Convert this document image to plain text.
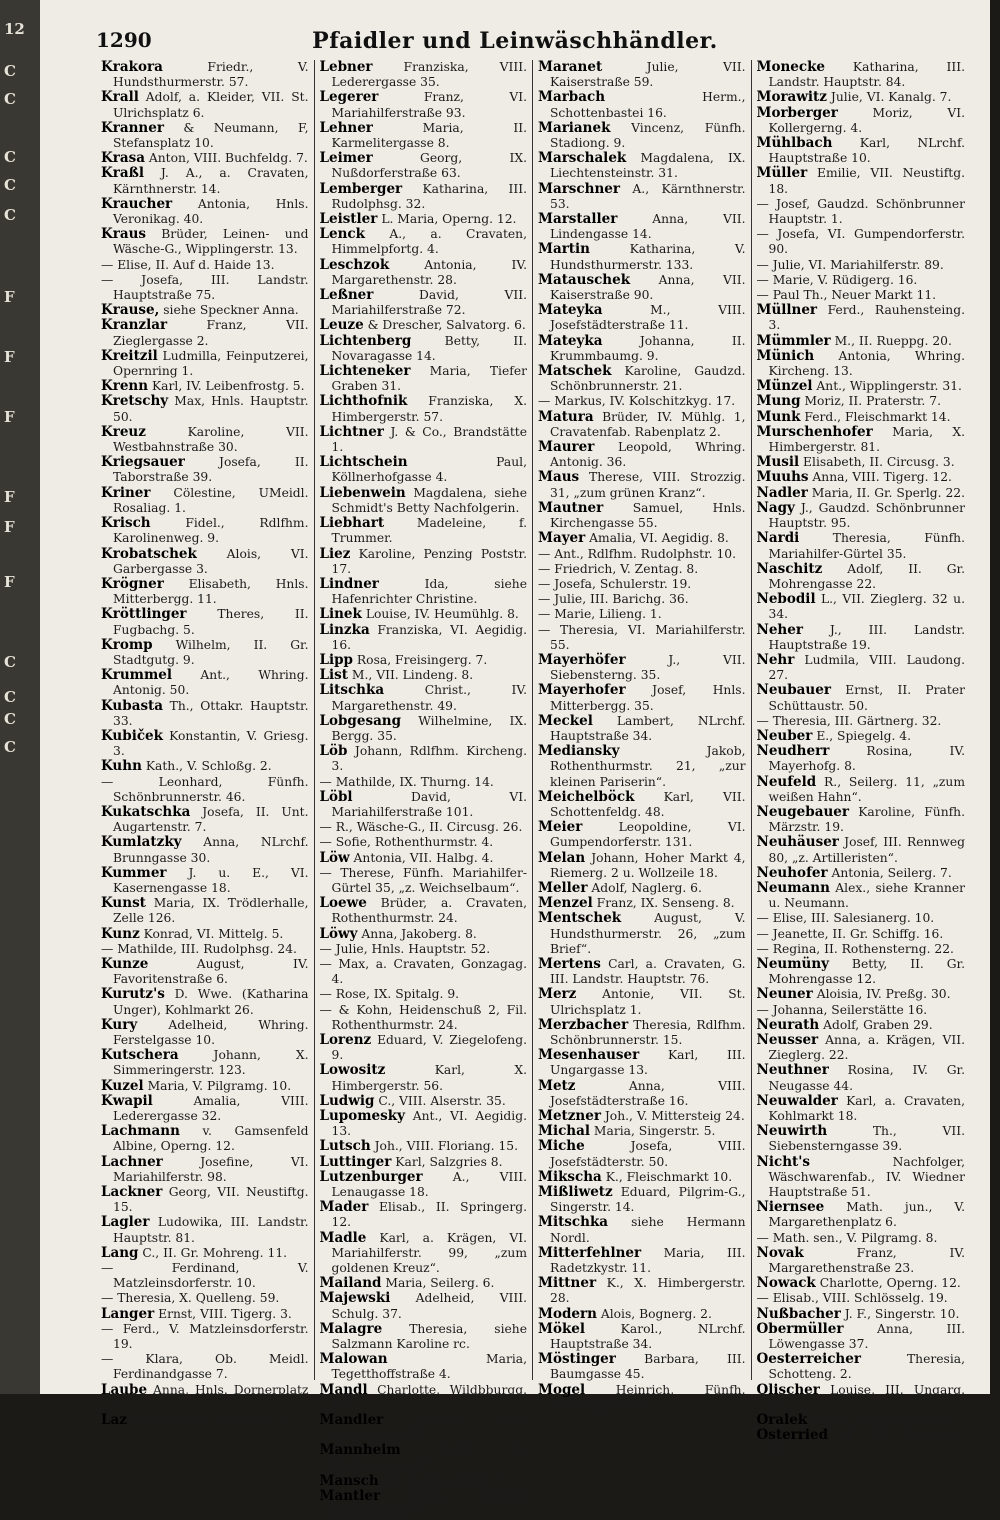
12
C
C
C
C
C
F
F
F
F
F
F
C
C
C
C
1290	Pfaidler und Leinwäschhändler.
Krakora	Friedr., V. Hundsthurmerstr. 57.
Krall Adolf, a. Kleider, VII. St. Ulrichsplatz 6.
Kranner & Neumann, F, Stefansplatz 10.
Krasa Anton, VIII. Buchfeldg. 7.
Kraßl J. A., a. Cravaten, Kärnthnerstr. 14.
Kraucher Antonia, Hnls. Veronikag. 40.
Kraus Brüder, Leinen- und Wäsche-G., Wipplingerstr. 13.
— Elise, II. Auf d. Haide 13.
— Josefa, III. Landstr. Hauptstraße 75.
Krause, siehe Speckner Anna.
Kranzlar	Franz, VII. Zieglergasse 2.
Kreitzil Ludmilla, Feinputzerei, Opernring 1.
Krenn Karl, IV. Leibenfrostg. 5.
Kretschy Max, Hnls. Hauptstr. 50.
Kreuz	Karoline, VII. Westbahnstraße 30.
Kriegsauer	Josefa, II. Taborstraße 39.
Kriner Cölestine, UMeidl. Rosaliag. 1.
Krisch	Fidel., Rdlfhm. Karolinenweg. 9.
Krobatschek Alois, VI. Garbergasse 3.
Krögner Elisabeth, Hnls. Mitterbergg. 11.
Kröttlinger	Theres, II. Fugbachg. 5.
Kromp Wilhelm, II. Gr. Stadtgutg. 9.
Krummel Ant., Whring. Antonig. 50.
Kubasta Th., Ottakr. Hauptstr. 33.
Kubiček Konstantin, V. Griesg. 3.
Kuhn Kath., V. Schloßg. 2.
— Leonhard, Fünfh. Schönbrunnerstr. 46.
Kukatschka Josefa, II. Unt. Augartenstr. 7.
Kumlatzky Anna, NLrchf. Brunngasse 30.
Kummer J. u. E., VI. Kasernengasse 18.
Kunst Maria, IX. Trödlerhalle, Zelle 126.
Kunz Konrad, VI. Mittelg. 5.
— Mathilde, III. Rudolphsg. 24.
Kunze	August, IV. Favoritenstraße 6.
Kurutz's D. Wwe. (Katharina Unger), Kohlmarkt 26.
Kury	Adelheid, Whring. Ferstelgasse 10.
Kutschera	Johann, X. Simmeringerstr. 123.
Kuzel Maria, V. Pilgramg. 10.
Kwapil	Amalia, VIII. Lederergasse 32.
Lachmann v. Gamsenfeld Albine, Operng. 12.
Lachner	Josefine, VI. Mariahilferstr. 98.
Lackner Georg, VII. Neustiftg. 15.
Lagler Ludowika, III. Landstr. Hauptstr. 81.
Lang C., II. Gr. Mohreng. 11.
— Ferdinand, V. Matzleinsdorferstr. 10.
— Theresia, X. Quelleng. 59.
Langer Ernst, VIII. Tigerg. 3.
— Ferd., V. Matzleinsdorferstr. 19.
— Klara, Ob. Meidl. Ferdinandgasse 7.
Laube Anna, Hnls. Dornerplatz 3.
Laz Leopold, VII. Neubaug. 4.
Lebner	Franziska, VIII. Lederergasse 35.
Legerer	Franz, VI. Mariahilferstraße 93.
Lehner	Maria, II. Karmelitergasse 8.
Leimer	Georg, IX. Nußdorferstraße 63.
Lemberger Katharina, III. Rudolphsg. 32.
Leistler L. Maria, Operng. 12.
Lenck A., a. Cravaten, Himmelpfortg. 4.
Leschzok	Antonia, IV. Margarethenstr. 28.
Leßner	David, VII. Mariahilferstraße 72.
Leuze & Drescher, Salvatorg. 6.
Lichtenberg	Betty, II. Novaragasse 14.
Lichteneker Maria, Tiefer Graben 31.
Lichthofnik Franziska, X. Himbergerstr. 57.
Lichtner J. & Co., Brandstätte 1.
Lichtschein	Paul, Köllnerhofgasse 4.
Liebenwein Magdalena, siehe Schmidt's Betty Nachfolgerin.
Liebhart	Madeleine, f. Trummer.
Liez Karoline, Penzing Poststr. 17.
Lindner	Ida, siehe Hafenrichter Christine.
Linek Louise, IV. Heumühlg. 8.
Linzka Franziska, VI. Aegidig. 16.
Lipp Rosa, Freisingerg. 7.
List M., VII. Lindeng. 8.
Litschka	Christ., IV. Margarethenstr. 49.
Lobgesang Wilhelmine, IX. Bergg. 35.
Löb Johann, Rdlfhm. Kircheng. 3.
— Mathilde, IX. Thurng. 14.
Löbl	David, VI. Mariahilferstraße 101.
— R., Wäsche-G., II. Circusg. 26.
— Sofie, Rothenthurmstr. 4.
Löw Antonia, VII. Halbg. 4.
— Therese, Fünfh. Mariahilfer-Gürtel 35, „z. Weichselbaum“.
Loewe Brüder, a. Cravaten, Rothenthurmstr. 24.
Löwy Anna, Jakoberg. 8.
— Julie, Hnls. Hauptstr. 52.
— Max, a. Cravaten, Gonzagag. 4.
— Rose, IX. Spitalg. 9.
— & Kohn, Heidenschuß 2, Fil. Rothenthurmstr. 24.
Lorenz Eduard, V. Ziegelofeng. 9.
Lowositz	Karl, X. Himbergerstr. 56.
Ludwig C., VIII. Alserstr. 35.
Lupomesky Ant., VI. Aegidig. 13.
Lutsch Joh., VIII. Floriang. 15.
Luttinger Karl, Salzgries 8.
Lutzenburger A., VIII. Lenaugasse 18.
Mader Elisab., II. Springerg. 12.
Madle Karl, a. Krägen, VI. Mariahilferstr. 99, „zum goldenen Kreuz“.
Mailand Maria, Seilerg. 6.
Majewski Adelheid, VIII. Schulg. 37.
Malagre Theresia, siehe Salzmann Karoline rc.
Malowan	Maria, Tegetthoffstraße 4.
Mandl Charlotte, Wildbburgg. 10.
Mandler	Regina, VIII. Alserstraße 25.
Mannheim	Netti, II. Praterstraße 37.
Mansch M., Kohlmesserg. 7.
Mantler	Josef, Penzing Kaisergasse 9.
Maranet	Julie, VII. Kaiserstraße 59.
Marbach	Herm., Schottenbastei 16.
Marianek Vincenz, Fünfh. Stadiong. 9.
Marschalek Magdalena, IX. Liechtensteinstr. 31.
Marschner A., Kärnthnerstr. 53.
Marstaller	Anna, VII. Lindengasse 14.
Martin	Katharina, V. Hundsthurmerstr. 133.
Matauschek Anna, VII. Kaiserstraße 90.
Mateyka	M., VIII. Josefstädterstraße 11.
Mateyka	Johanna, II. Krummbaumg. 9.
Matschek Karoline, Gaudzd. Schönbrunnerstr. 21.
— Markus, IV. Kolschitzkyg. 17.
Matura Brüder, IV. Mühlg. 1, Cravatenfab. Rabenplatz 2.
Maurer Leopold, Whring. Antonig. 36.
Maus Therese, VIII. Strozzig. 31, „zum grünen Kranz“.
Mautner Samuel, Hnls. Kirchengasse 55.
Mayer Amalia, VI. Aegidig. 8.
— Ant., Rdlfhm. Rudolphstr. 10.
— Friedrich, V. Zentag. 8.
— Josefa, Schulerstr. 19.
— Julie, III. Barichg. 36.
— Marie, Lilieng. 1.
— Theresia, VI. Mariahilferstr. 55.
Mayerhöfer	J., VII. Siebensterng. 35.
Mayerhofer Josef, Hnls. Mitterbergg. 35.
Meckel Lambert, NLrchf. Hauptstraße 34.
Mediansky	Jakob, Rothenthurmstr. 21, „zur kleinen Pariserin“.
Meichelböck Karl, VII. Schottenfeldg. 48.
Meier	Leopoldine, VI. Gumpendorferstr. 131.
Melan Johann, Hoher Markt 4, Riemerg. 2 u. Wollzeile 18.
Meller Adolf, Naglerg. 6.
Menzel Franz, IX. Senseng. 8.
Mentschek	August, V. Hundsthurmerstr. 26, „zum Brief“.
Mertens Carl, a. Cravaten, G. III. Landstr. Hauptstr. 76.
Merz Antonie, VII. St. Ulrichsplatz 1.
Merzbacher Theresia, Rdlfhm. Schönbrunnerstr. 15.
Mesenhauser Karl, III. Ungargasse 13.
Metz	Anna, VIII. Josefstädterstraße 16.
Metzner Joh., V. Mittersteig 24.
Michal Maria, Singerstr. 5.
Miche	Josefa, VIII. Josefstädterstr. 50.
Mikscha K., Fleischmarkt 10.
Mißliwetz Eduard, Pilgrim-G., Singerstr. 14.
Mitschka siehe Hermann Nordl.
Mitterfehlner Maria, III. Radetzkystr. 11.
Mittner K., X. Himbergerstr. 28.
Modern Alois, Bognerg. 2.
Mökel	Karol., NLrchf. Hauptstraße 34.
Möstinger Barbara, III. Baumgasse 45.
Mogel Heinrich, Fünfh. Puthongasse 15.
Monecke Katharina, III. Landstr. Hauptstr. 84.
Morawitz Julie, VI. Kanalg. 7.
Morberger	Moriz, VI. Kollergerng. 4.
Mühlbach Karl, NLrchf. Hauptstraße 10.
Müller Emilie, VII. Neustiftg. 18.
— Josef, Gaudzd. Schönbrunner Hauptstr. 1.
— Josefa, VI. Gumpendorferstr. 90.
— Julie, VI. Mariahilferstr. 89.
— Marie, V. Rüdigerg. 16.
— Paul Th., Neuer Markt 11.
Müllner Ferd., Rauhensteing. 3.
Mümmler M., II. Rueppg. 20.
Münich Antonia, Whring. Kircheng. 13.
Münzel Ant., Wipplingerstr. 31.
Mung Moriz, II. Praterstr. 7.
Munk Ferd., Fleischmarkt 14.
Murschenhofer Maria, X. Himbergerstr. 81.
Musil Elisabeth, II. Circusg. 3.
Muuhs Anna, VIII. Tigerg. 12.
Nadler Maria, II. Gr. Sperlg. 22.
Nagy J., Gaudzd. Schönbrunner Hauptstr. 95.
Nardi	Theresia, Fünfh. Mariahilfer-Gürtel 35.
Naschitz Adolf, II. Gr. Mohrengasse 22.
Nebodil L., VII. Zieglerg. 32 u. 34.
Neher J., III. Landstr. Hauptstraße 19.
Nehr Ludmila, VIII. Laudong. 27.
Neubauer Ernst, II. Prater Schüttaustr. 50.
— Theresia, III. Gärtnerg. 32.
Neuber E., Spiegelg. 4.
Neudherr	Rosina, IV. Mayerhofg. 8.
Neufeld R., Seilerg. 11, „zum weißen Hahn“.
Neugebauer Karoline, Fünfh. Märzstr. 19.
Neuhäuser Josef, III. Rennweg 80, „z. Artilleristen“.
Neuhofer Antonia, Seilerg. 7.
Neumann Alex., siehe Kranner u. Neumann.
— Elise, III. Salesianerg. 10.
— Jeanette, II. Gr. Schiffg. 16.
— Regina, II. Rothensterng. 22.
Neumüny Betty, II. Gr. Mohrengasse 12.
Neuner Aloisia, IV. Preßg. 30.
— Johanna, Seilerstätte 16.
Neurath Adolf, Graben 29.
Neusser Anna, a. Krägen, VII. Zieglerg. 22.
Neuthner Rosina, IV. Gr. Neugasse 44.
Neuwalder Karl, a. Cravaten, Kohlmarkt 18.
Neuwirth	Th., VII. Siebensterngasse 39.
Nicht's	Nachfolger, Wäschwarenfab., IV. Wiedner Hauptstraße 51.
Niernsee Math. jun., V. Margarethenplatz 6.
— Math. sen., V. Pilgramg. 8.
Novak	Franz, IV. Margarethenstraße 23.
Nowack Charlotte, Operng. 12.
— Elisab., VIII. Schlösselg. 19.
Nußbacher J. F., Singerstr. 10.
Obermüller	Anna, III. Löwengasse 37.
Oesterreicher	Theresia, Schotteng. 2.
Olischer Louise, III. Ungarg. 27.
Oralek Anton, VI. Mittelg. 24.
Osterried M., VII. Kircheng. 40.
